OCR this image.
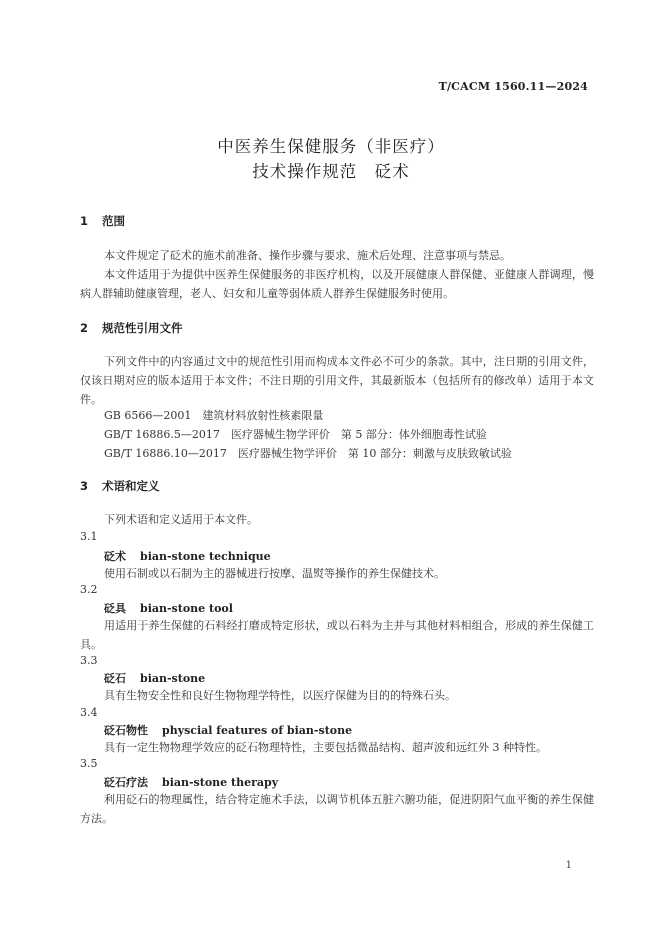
T/CACM 1560.11—2024
中医养生保健服务（非医疗）
技术操作规范　砭术
1 范围

本文件规定了砭术的施术前准备、操作步骤与要求、施术后处理、注意事项与禁忌。

本文件适用于为提供中医养生保健服务的非医疗机构，以及开展健康人群保健、亚健康人群调理，慢病人群辅助健康管理，老人、妇女和儿童等弱体质人群养生保健服务时使用。

2 规范性引用文件

下列文件中的内容通过文中的规范性引用而构成本文件必不可少的条款。其中，注日期的引用文件，仅该日期对应的版本适用于本文件；不注日期的引用文件，其最新版本（包括所有的修改单）适用于本文件。

GB 6566—2001　建筑材料放射性核素限量
GB/T 16886.5—2017　医疗器械生物学评价　第 5 部分：体外细胞毒性试验
GB/T 16886.10—2017　医疗器械生物学评价　第 10 部分：刺激与皮肤致敏试验
3 术语和定义

下列术语和定义适用于本文件。

3.1
砭术 bian-stone technique

使用石制或以石制为主的器械进行按摩、温熨等操作的养生保健技术。

3.2
砭具 bian-stone tool

用适用于养生保健的石料经打磨成特定形状，或以石料为主并与其他材料相组合，形成的养生保健工具。

3.3
砭石 bian-stone

具有生物安全性和良好生物物理学特性，以医疗保健为目的的特殊石头。

3.4
砭石物性 physcial features of bian-stone

具有一定生物物理学效应的砭石物理特性，主要包括微晶结构、超声波和远红外 3 种特性。

3.5
砭石疗法 bian-stone therapy

利用砭石的物理属性，结合特定施术手法，以调节机体五脏六腑功能，促进阴阳气血平衡的养生保健方法。

1
